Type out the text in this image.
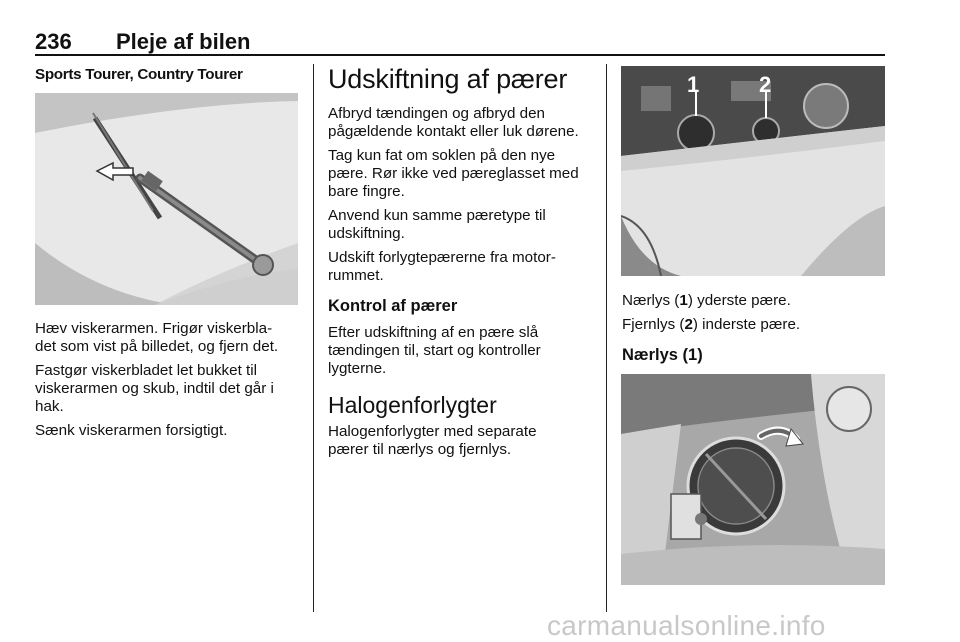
236 Pleje af bilen
Sports Tourer, Country Tourer

Hæv viskerarmen. Frigør viskerbla-
det som vist på billedet, og fjern det.

Fastgør viskerbladet let bukket til
viskerarmen og skub, indtil det går i
hak.

Sænk viskerarmen forsigtigt.

Udskiftning af pærer

Afbryd tændingen og afbryd den
pågældende kontakt eller luk dørene.

Tag kun fat om soklen på den nye
pære. Rør ikke ved pæreglasset med
bare fingre.

Anvend kun samme pæretype til
udskiftning.

Udskift forlygtepærerne fra motor-
rummet.

Kontrol af pærer

Efter udskiftning af en pære slå
tændingen til, start og kontroller
lygterne.

Halogenforlygter

Halogenforlygter med separate
pærer til nærlys og fjernlys.

1	2

Nærlys (1) yderste pære.

Fjernlys (2) inderste pære.

Nærlys (1)
carmanualsonline.info
